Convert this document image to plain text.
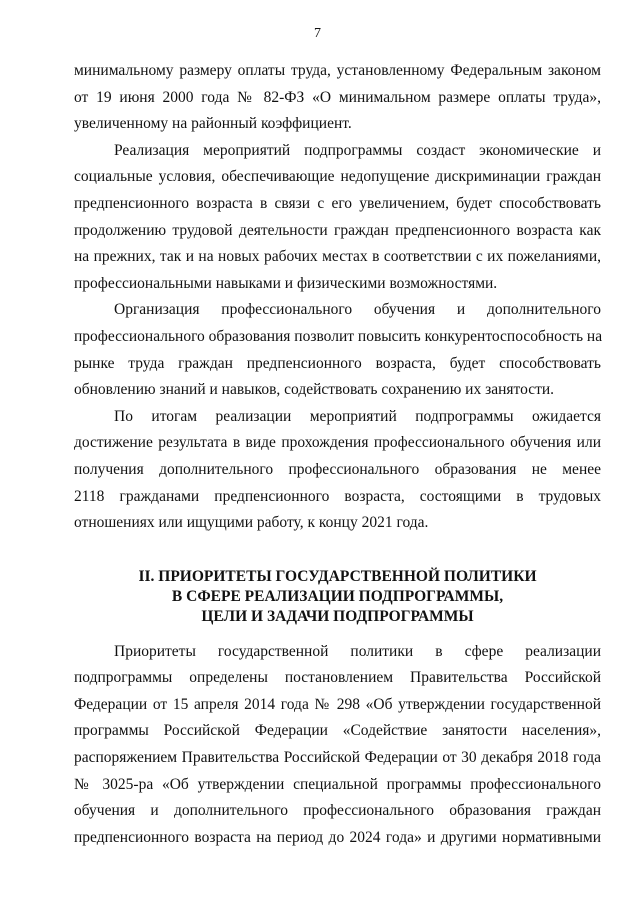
7
минимальному размеру оплаты труда, установленному Федеральным законом
от 19 июня 2000 года № 82-ФЗ «О минимальном размере оплаты труда»,
увеличенному на районный коэффициент.
Реализация мероприятий подпрограммы создаст экономические и
социальные условия, обеспечивающие недопущение дискриминации граждан
предпенсионного возраста в связи с его увеличением, будет способствовать
продолжению трудовой деятельности граждан предпенсионного возраста как
на прежних, так и на новых рабочих местах в соответствии с их пожеланиями,
профессиональными навыками и физическими возможностями.
Организация профессионального обучения и дополнительного
профессионального образования позволит повысить конкурентоспособность на
рынке труда граждан предпенсионного возраста, будет способствовать
обновлению знаний и навыков, содействовать сохранению их занятости.
По итогам реализации мероприятий подпрограммы ожидается
достижение результата в виде прохождения профессионального обучения или
получения дополнительного профессионального образования не менее
2118 гражданами предпенсионного возраста, состоящими в трудовых
отношениях или ищущими работу, к концу 2021 года.
II. ПРИОРИТЕТЫ ГОСУДАРСТВЕННОЙ ПОЛИТИКИ
В СФЕРЕ РЕАЛИЗАЦИИ ПОДПРОГРАММЫ,
ЦЕЛИ И ЗАДАЧИ ПОДПРОГРАММЫ
Приоритеты государственной политики в сфере реализации
подпрограммы определены постановлением Правительства Российской
Федерации от 15 апреля 2014 года № 298 «Об утверждении государственной
программы Российской Федерации «Содействие занятости населения»,
распоряжением Правительства Российской Федерации от 30 декабря 2018 года
№ 3025-ра «Об утверждении специальной программы профессионального
обучения и дополнительного профессионального образования граждан
предпенсионного возраста на период до 2024 года» и другими нормативными
